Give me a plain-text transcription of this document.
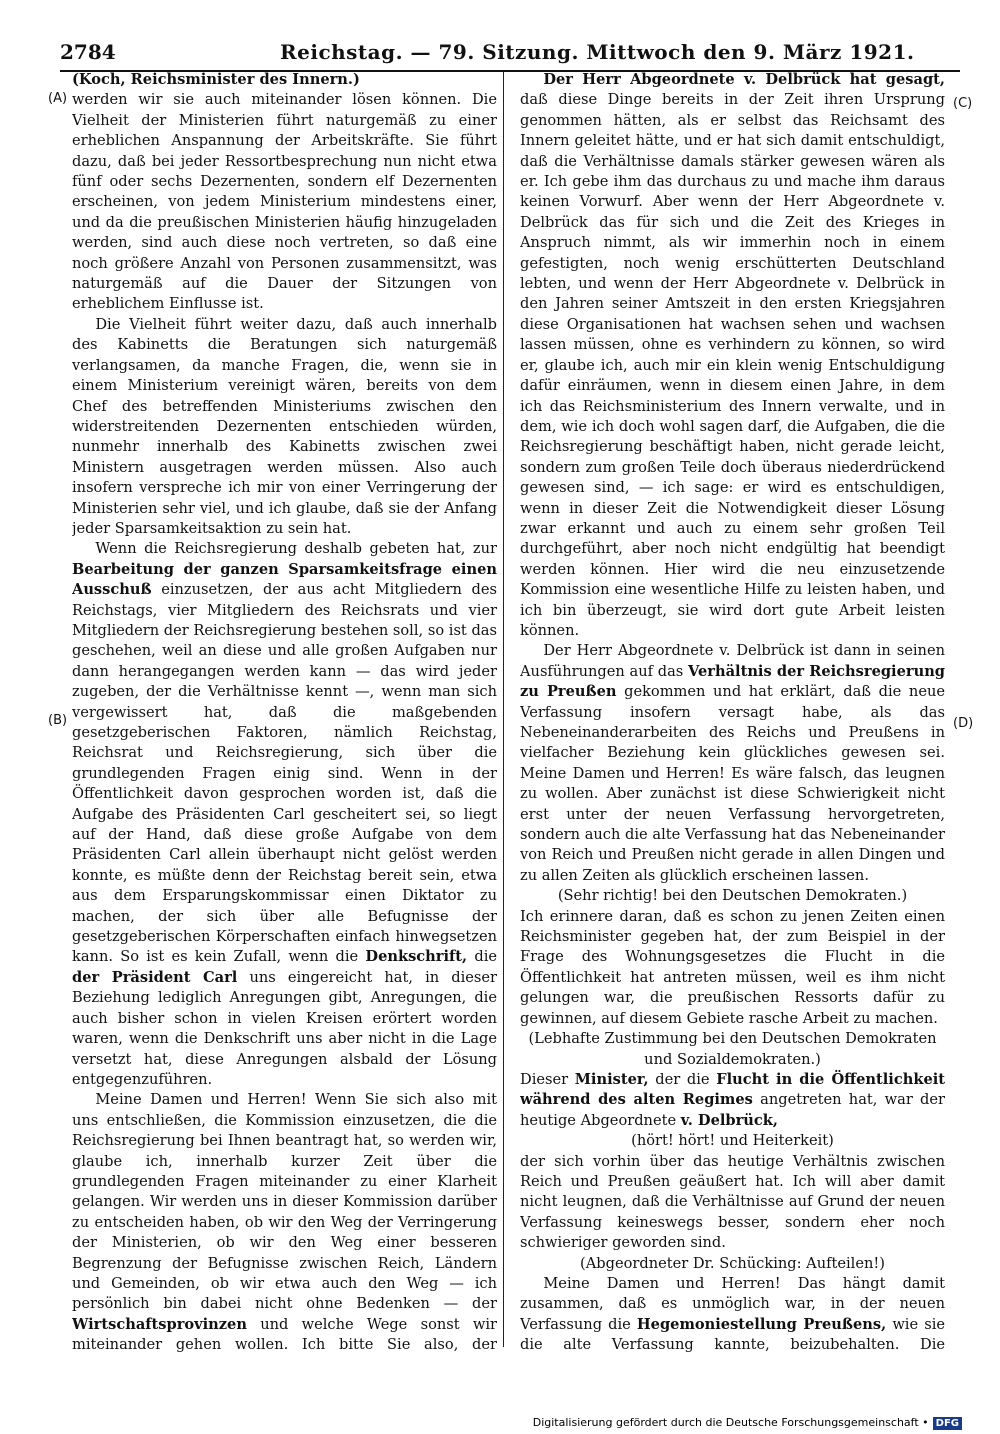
2784	Reichstag. — 79. Sitzung. Mittwoch den 9. März 1921.
(A)
(B)
(C)
(D)

(Koch, Reichsminister des Innern.)

werden wir sie auch miteinander lösen können. Die Vielheit der Ministerien führt naturgemäß zu einer erheblichen Anspannung der Arbeitskräfte. Sie führt dazu, daß bei jeder Ressortbesprechung nun nicht etwa fünf oder sechs Dezernenten, sondern elf Dezernenten erscheinen, von jedem Ministerium mindestens einer, und da die preußischen Ministerien häufig hinzugeladen werden, sind auch diese noch vertreten, so daß eine noch größere Anzahl von Personen zusammensitzt, was naturgemäß auf die Dauer der Sitzungen von erheblichem Einflusse ist.

Die Vielheit führt weiter dazu, daß auch innerhalb des Kabinetts die Beratungen sich naturgemäß verlangsamen, da manche Fragen, die, wenn sie in einem Ministerium vereinigt wären, bereits von dem Chef des betreffenden Ministeriums zwischen den widerstreitenden Dezernenten entschieden würden, nunmehr innerhalb des Kabinetts zwischen zwei Ministern ausgetragen werden müssen. Also auch insofern verspreche ich mir von einer Verringerung der Ministerien sehr viel, und ich glaube, daß sie der Anfang jeder Sparsamkeitsaktion zu sein hat.

Wenn die Reichsregierung deshalb gebeten hat, zur Bearbeitung der ganzen Sparsamkeitsfrage einen Ausschuß einzusetzen, der aus acht Mitgliedern des Reichstags, vier Mitgliedern des Reichsrats und vier Mitgliedern der Reichsregierung bestehen soll, so ist das geschehen, weil an diese und alle großen Aufgaben nur dann herangegangen werden kann — das wird jeder zugeben, der die Verhältnisse kennt —, wenn man sich vergewissert hat, daß die maßgebenden gesetzgeberischen Faktoren, nämlich Reichstag, Reichsrat und Reichsregierung, sich über die grundlegenden Fragen einig sind. Wenn in der Öffentlichkeit davon gesprochen worden ist, daß die Aufgabe des Präsidenten Carl gescheitert sei, so liegt auf der Hand, daß diese große Aufgabe von dem Präsidenten Carl allein überhaupt nicht gelöst werden konnte, es müßte denn der Reichstag bereit sein, etwa aus dem Ersparungskommissar einen Diktator zu machen, der sich über alle Befugnisse der gesetzgeberischen Körperschaften einfach hinwegsetzen kann. So ist es kein Zufall, wenn die Denkschrift, die der Präsident Carl uns eingereicht hat, in dieser Beziehung lediglich Anregungen gibt, Anregungen, die auch bisher schon in vielen Kreisen erörtert worden waren, wenn die Denkschrift uns aber nicht in die Lage versetzt hat, diese Anregungen alsbald der Lösung entgegenzuführen.

Meine Damen und Herren! Wenn Sie sich also mit uns entschließen, die Kommission einzusetzen, die die Reichsregierung bei Ihnen beantragt hat, so werden wir, glaube ich, innerhalb kurzer Zeit über die grundlegenden Fragen miteinander zu einer Klarheit gelangen. Wir werden uns in dieser Kommission darüber zu entscheiden haben, ob wir den Weg der Verringerung der Ministerien, ob wir den Weg einer besseren Begrenzung der Befugnisse zwischen Reich, Ländern und Gemeinden, ob wir etwa auch den Weg — ich persönlich bin dabei nicht ohne Bedenken — der Wirtschaftsprovinzen und welche Wege sonst wir miteinander gehen wollen. Ich bitte Sie also, der

Der Herr Abgeordnete v. Delbrück hat gesagt, daß diese Dinge bereits in der Zeit ihren Ursprung genommen hätten, als er selbst das Reichsamt des Innern geleitet hätte, und er hat sich damit entschuldigt, daß die Verhältnisse damals stärker gewesen wären als er. Ich gebe ihm das durchaus zu und mache ihm daraus keinen Vorwurf. Aber wenn der Herr Abgeordnete v. Delbrück das für sich und die Zeit des Krieges in Anspruch nimmt, als wir immerhin noch in einem gefestigten, noch wenig erschütterten Deutschland lebten, und wenn der Herr Abgeordnete v. Delbrück in den Jahren seiner Amtszeit in den ersten Kriegsjahren diese Organisationen hat wachsen sehen und wachsen lassen müssen, ohne es verhindern zu können, so wird er, glaube ich, auch mir ein klein wenig Entschuldigung dafür einräumen, wenn in diesem einen Jahre, in dem ich das Reichsministerium des Innern verwalte, und in dem, wie ich doch wohl sagen darf, die Aufgaben, die die Reichsregierung beschäftigt haben, nicht gerade leicht, sondern zum großen Teile doch überaus niederdrückend gewesen sind, — ich sage: er wird es entschuldigen, wenn in dieser Zeit die Notwendigkeit dieser Lösung zwar erkannt und auch zu einem sehr großen Teil durchgeführt, aber noch nicht endgültig hat beendigt werden können. Hier wird die neu einzusetzende Kommission eine wesentliche Hilfe zu leisten haben, und ich bin überzeugt, sie wird dort gute Arbeit leisten können.

Der Herr Abgeordnete v. Delbrück ist dann in seinen Ausführungen auf das Verhältnis der Reichsregierung zu Preußen gekommen und hat erklärt, daß die neue Verfassung insofern versagt habe, als das Nebeneinanderarbeiten des Reichs und Preußens in vielfacher Beziehung kein glückliches gewesen sei. Meine Damen und Herren! Es wäre falsch, das leugnen zu wollen. Aber zunächst ist diese Schwierigkeit nicht erst unter der neuen Verfassung hervorgetreten, sondern auch die alte Verfassung hat das Nebeneinander von Reich und Preußen nicht gerade in allen Dingen und zu allen Zeiten als glücklich erscheinen lassen.

(Sehr richtig! bei den Deutschen Demokraten.)

Ich erinnere daran, daß es schon zu jenen Zeiten einen Reichsminister gegeben hat, der zum Beispiel in der Frage des Wohnungsgesetzes die Flucht in die Öffentlichkeit hat antreten müssen, weil es ihm nicht gelungen war, die preußischen Ressorts dafür zu gewinnen, auf diesem Gebiete rasche Arbeit zu machen.

(Lebhafte Zustimmung bei den Deutschen Demokraten und Sozialdemokraten.)

Dieser Minister, der die Flucht in die Öffentlichkeit während des alten Regimes angetreten hat, war der heutige Abgeordnete v. Delbrück,

(hört! hört! und Heiterkeit)

der sich vorhin über das heutige Verhältnis zwischen Reich und Preußen geäußert hat. Ich will aber damit nicht leugnen, daß die Verhältnisse auf Grund der neuen Verfassung keineswegs besser, sondern eher noch schwieriger geworden sind.

(Abgeordneter Dr. Schücking: Aufteilen!)

Meine Damen und Herren! Das hängt damit zusammen, daß es unmöglich war, in der neuen Verfassung die Hegemoniestellung Preußens, wie sie die alte Verfassung kannte, beizubehalten. Die

Digitalisierung gefördert durch die Deutsche Forschungsgemeinschaft • DFG
